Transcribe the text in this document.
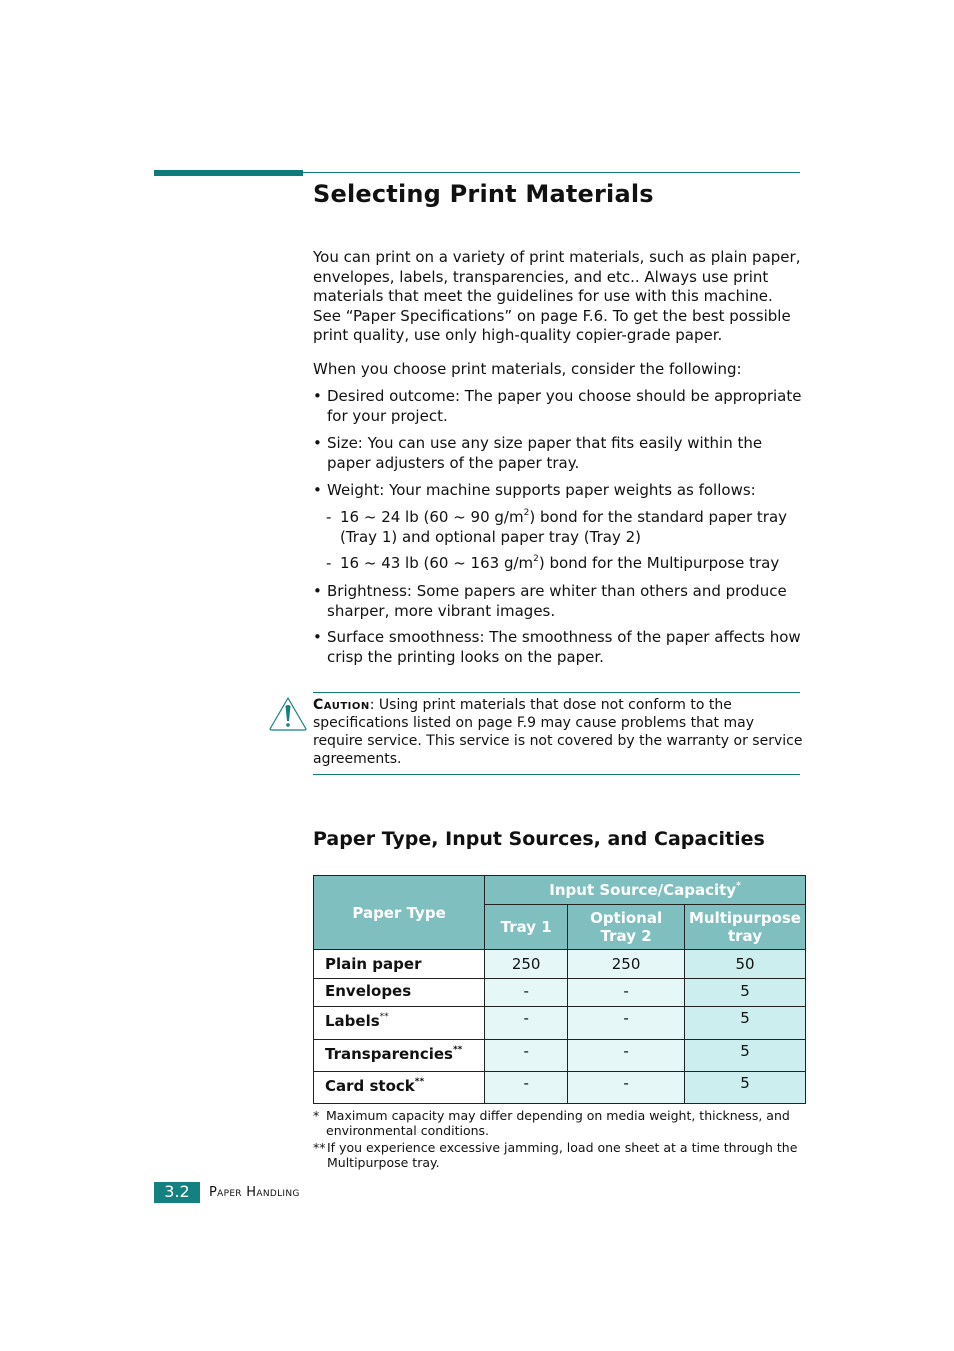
Selecting Print Materials
You can print on a variety of print materials, such as plain paper, envelopes, labels, transparencies, and etc.. Always use print materials that meet the guidelines for use with this machine. See “Paper Specifications” on page F.6. To get the best possible print quality, use only high-quality copier-grade paper.
When you choose print materials, consider the following:
• Desired outcome: The paper you choose should be appropriate for your project.
• Size: You can use any size paper that fits easily within the paper adjusters of the paper tray.
• Weight: Your machine supports paper weights as follows:
- 16 ~ 24 lb (60 ~ 90 $g/m^2$) bond for the standard paper tray (Tray 1) and optional paper tray (Tray 2)
- 16 ~ 43 lb (60 ~ 163 $g/m^2$) bond for the Multipurpose tray
• Brightness: Some papers are whiter than others and produce sharper, more vibrant images.
• Surface smoothness: The smoothness of the paper affects how crisp the printing looks on the paper.
Caution: Using print materials that dose not conform to the specifications listed on page F.9 may cause problems that may require service. This service is not covered by the warranty or service agreements.
Paper Type, Input Sources, and Capacities
Paper Type	Input Source/Capacity*
	Tray 1	Optional Tray 2	Multipurpose tray
Plain paper	250	250	50
Envelopes	-	-	5
Labels**	-	-	5
Transparencies**	-	-	5
Card stock**	-	-	5
* Maximum capacity may differ depending on media weight, thickness, and environmental conditions.
** If you experience excessive jamming, load one sheet at a time through the Multipurpose tray.
3.2	Paper Handling
